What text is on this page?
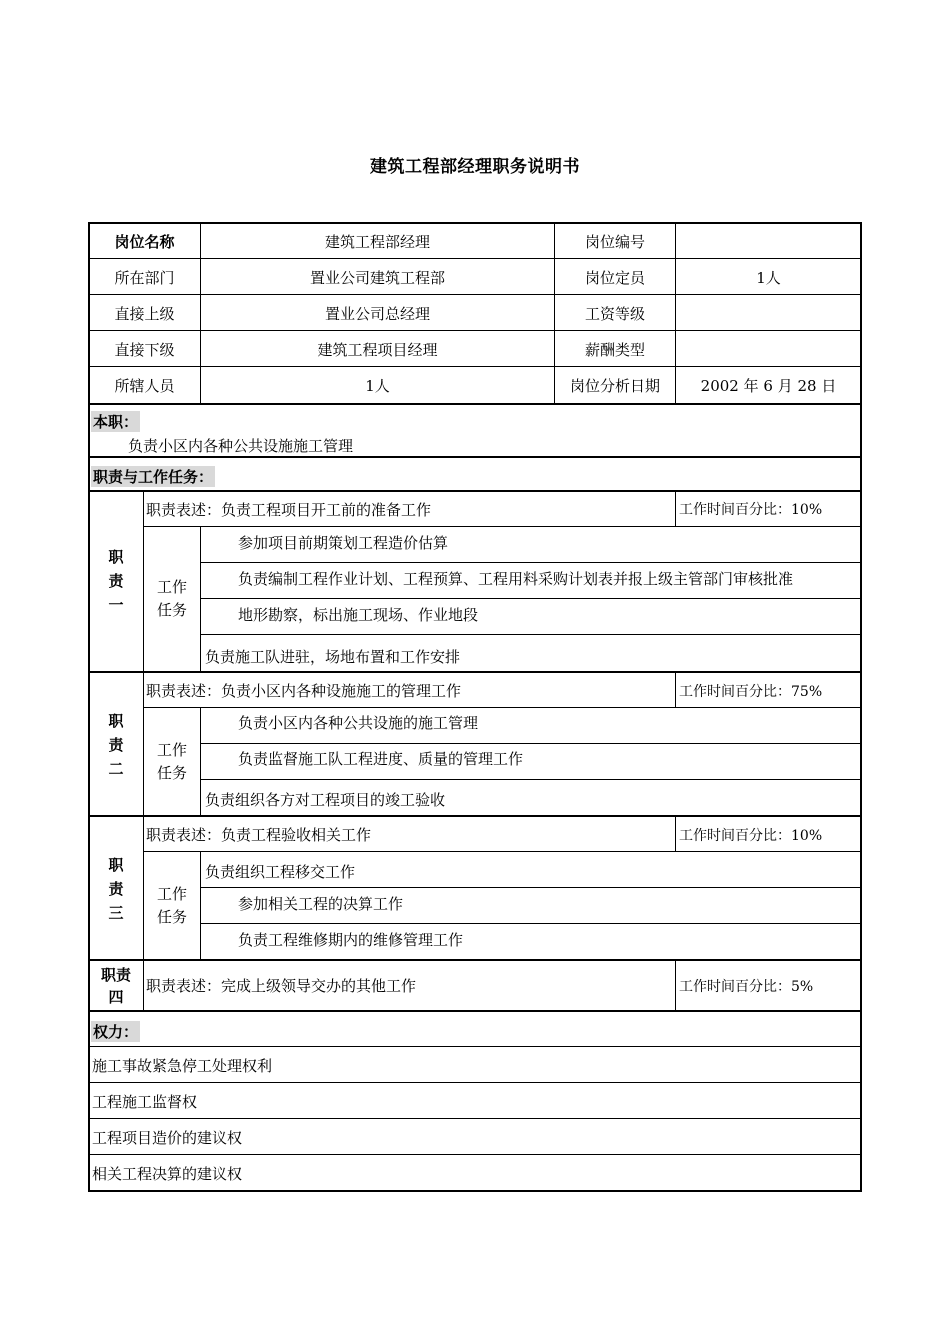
建筑工程部经理职务说明书
岗位名称	建筑工程部经理	岗位编号
所在部门	置业公司建筑工程部	岗位定员	1人
直接上级	置业公司总经理	工资等级
直接下级	建筑工程项目经理	薪酬类型
所辖人员	1人	岗位分析日期	2002 年 6 月 28 日
本职：
负责小区内各种公共设施施工管理
职责与工作任务：
职
责
一
职责表述：负责工程项目开工前的准备工作	工作时间百分比：10%
工作
任务
参加项目前期策划工程造价估算
负责编制工程作业计划、工程预算、工程用料采购计划表并报上级主管部门审核批准
地形勘察，标出施工现场、作业地段
负责施工队进驻，场地布置和工作安排
职
责
二
职责表述：负责小区内各种设施施工的管理工作	工作时间百分比：75%
工作
任务
负责小区内各种公共设施的施工管理
负责监督施工队工程进度、质量的管理工作
负责组织各方对工程项目的竣工验收
职
责
三
职责表述：负责工程验收相关工作	工作时间百分比：10%
工作
任务
负责组织工程移交工作
参加相关工程的决算工作
负责工程维修期内的维修管理工作
职责
四
职责表述：完成上级领导交办的其他工作	工作时间百分比：5%
权力：
施工事故紧急停工处理权利
工程施工监督权
工程项目造价的建议权
相关工程决算的建议权
